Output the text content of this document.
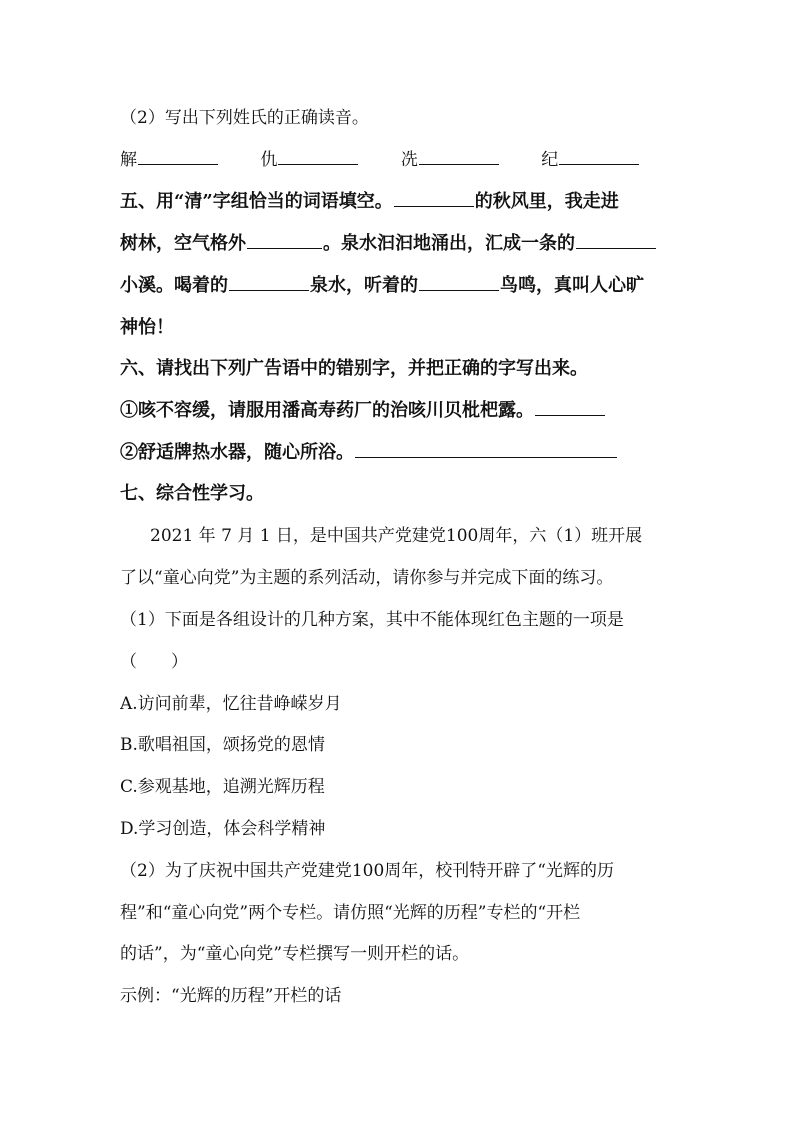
（2）写出下列姓氏的正确读音。
解	仇	冼	纪
五、用“清”字组恰当的词语填空。	的秋风里，我走进
树林，空气格外	。泉水汩汩地涌出，汇成一条的
小溪。喝着的	泉水，听着的	鸟鸣，真叫人心旷
神怡！
六、请找出下列广告语中的错别字，并把正确的字写出来。
①咳不容缓，请服用潘高寿药厂的治咳川贝枇杷露。
②舒适牌热水器，随心所浴。
七、综合性学习。
2021 年 7 月 1 日，是中国共产党建党100周年，六（1）班开展
了以“童心向党”为主题的系列活动，请你参与并完成下面的练习。
（1）下面是各组设计的几种方案，其中不能体现红色主题的一项是
（　　）
A.访问前辈，忆往昔峥嵘岁月
B.歌唱祖国，颂扬党的恩情
C.参观基地，追溯光辉历程
D.学习创造，体会科学精神
（2）为了庆祝中国共产党建党100周年，校刊特开辟了“光辉的历
程”和“童心向党”两个专栏。请仿照“光辉的历程”专栏的“开栏
的话”，为“童心向党”专栏撰写一则开栏的话。
示例：“光辉的历程”开栏的话
